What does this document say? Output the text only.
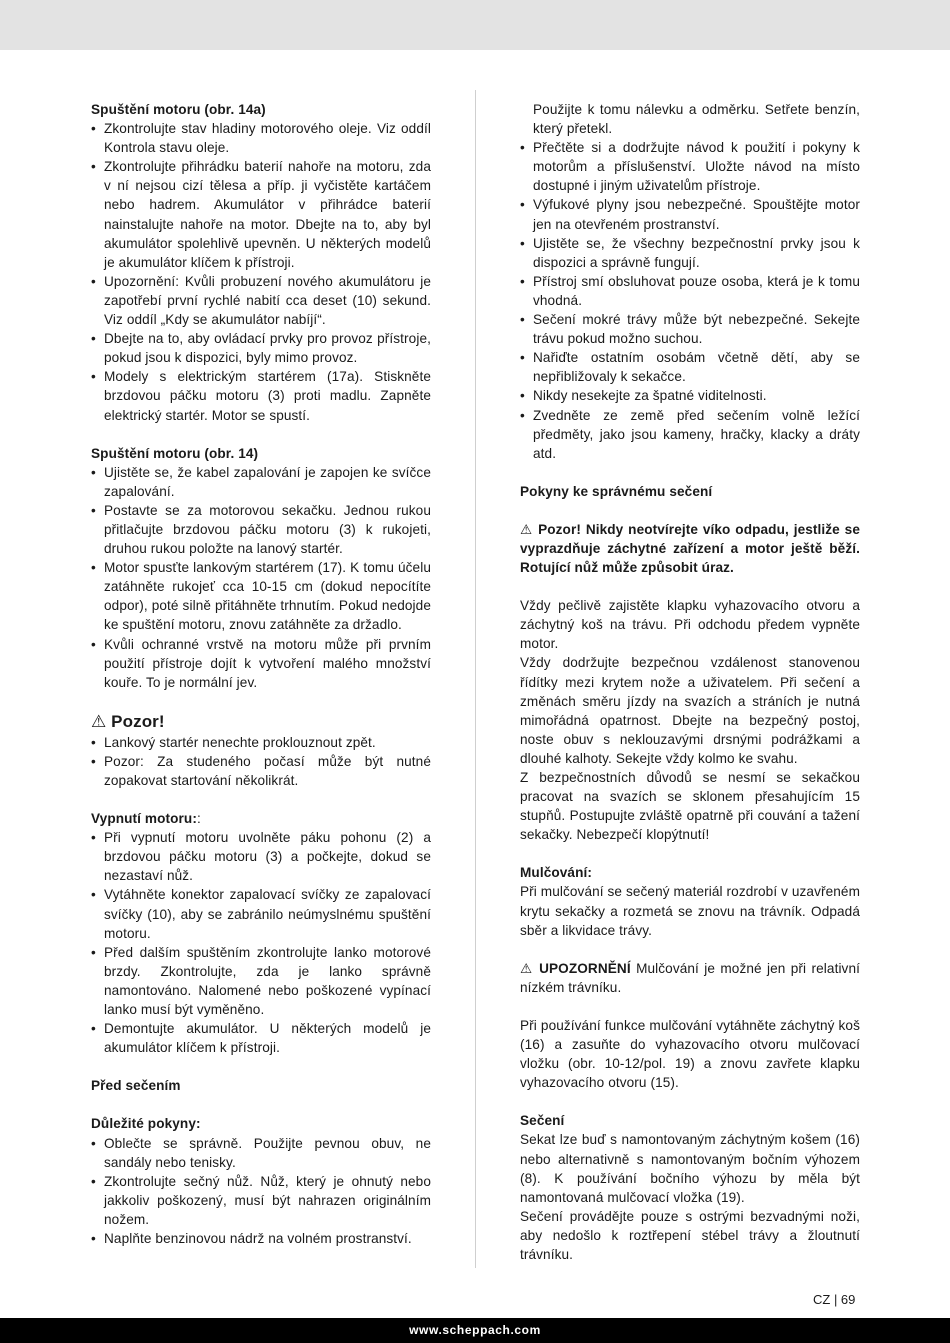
Spuštění motoru (obr. 14a)

• Zkontrolujte stav hladiny motorového oleje. Viz oddíl Kontrola stavu oleje.
• Zkontrolujte přihrádku baterií nahoře na motoru, zda v ní nejsou cizí tělesa a příp. ji vyčistěte kartáčem nebo hadrem. Akumulátor v přihrádce baterií nainstalujte nahoře na motor. Dbejte na to, aby byl akumulátor spolehlivě upevněn. U některých modelů je akumulátor klíčem k přístroji.
• Upozornění: Kvůli probuzení nového akumulátoru je zapotřebí první rychlé nabití cca deset (10) sekund. Viz oddíl „Kdy se akumulátor nabíjí“.
• Dbejte na to, aby ovládací prvky pro provoz přístroje, pokud jsou k dispozici, byly mimo provoz.
• Modely s elektrickým startérem (17a). Stiskněte brzdovou páčku motoru (3) proti madlu. Zapněte elektrický startér. Motor se spustí.

Spuštění motoru (obr. 14)

• Ujistěte se, že kabel zapalování je zapojen ke svíčce zapalování.
• Postavte se za motorovou sekačku. Jednou rukou přitlačujte brzdovou páčku motoru (3) k rukojeti, druhou rukou položte na lanový startér.
• Motor spusťte lankovým startérem (17). K tomu účelu zatáhněte rukojeť cca 10-15 cm (dokud nepocítíte odpor), poté silně přitáhněte trhnutím. Pokud nedojde ke spuštění motoru, znovu zatáhněte za držadlo.
• Kvůli ochranné vrstvě na motoru může při prvním použití přístroje dojít k vytvoření malého množství kouře. To je normální jev.

⚠ Pozor!

• Lankový startér nenechte proklouznout zpět.
• Pozor: Za studeného počasí může být nutné zopakovat startování několikrát.

Vypnutí motoru::

• Při vypnutí motoru uvolněte páku pohonu (2) a brzdovou páčku motoru (3) a počkejte, dokud se nezastaví nůž.
• Vytáhněte konektor zapalovací svíčky ze zapalovací svíčky (10), aby se zabránilo neúmyslnému spuštění motoru.
• Před dalším spuštěním zkontrolujte lanko motorové brzdy. Zkontrolujte, zda je lanko správně namontováno. Nalomené nebo poškozené vypínací lanko musí být vyměněno.
• Demontujte akumulátor. U některých modelů je akumulátor klíčem k přístroji.

Před sečením

Důležité pokyny:

• Oblečte se správně. Použijte pevnou obuv, ne sandály nebo tenisky.
• Zkontrolujte sečný nůž. Nůž, který je ohnutý nebo jakkoliv poškozený, musí být nahrazen originálním nožem.
• Naplňte benzinovou nádrž na volném prostranství.

Použijte k tomu nálevku a odměrku. Setřete benzín, který přetekl.

• Přečtěte si a dodržujte návod k použití i pokyny k motorům a příslušenství. Uložte návod na místo dostupné i jiným uživatelům přístroje.
• Výfukové plyny jsou nebezpečné. Spouštějte motor jen na otevřeném prostranství.
• Ujistěte se, že všechny bezpečnostní prvky jsou k dispozici a správně fungují.
• Přístroj smí obsluhovat pouze osoba, která je k tomu vhodná.
• Sečení mokré trávy může být nebezpečné. Sekejte trávu pokud možno suchou.
• Nařiďte ostatním osobám včetně dětí, aby se nepřibližovaly k sekačce.
• Nikdy nesekejte za špatné viditelnosti.
• Zvedněte ze země před sečením volně ležící předměty, jako jsou kameny, hračky, klacky a dráty atd.

Pokyny ke správnému sečení

⚠ Pozor! Nikdy neotvírejte víko odpadu, jestliže se vyprazdňuje záchytné zařízení a motor ještě běží. Rotující nůž může způsobit úraz.

Vždy pečlivě zajistěte klapku vyhazovacího otvoru a záchytný koš na trávu. Při odchodu předem vypněte motor.

Vždy dodržujte bezpečnou vzdálenost stanovenou řídítky mezi krytem nože a uživatelem. Při sečení a změnách směru jízdy na svazích a stráních je nutná mimořádná opatrnost. Dbejte na bezpečný postoj, noste obuv s neklouzavými drsnými podrážkami a dlouhé kalhoty. Sekejte vždy kolmo ke svahu.

Z bezpečnostních důvodů se nesmí se sekačkou pracovat na svazích se sklonem přesahujícím 15 stupňů. Postupujte zvláště opatrně při couvání a tažení sekačky. Nebezpečí klopýtnutí!

Mulčování:

Při mulčování se sečený materiál rozdrobí v uzavřeném krytu sekačky a rozmetá se znovu na trávník. Odpadá sběr a likvidace trávy.

⚠ UPOZORNĚNÍ Mulčování je možné jen při relativní nízkém trávníku.

Při používání funkce mulčování vytáhněte záchytný koš (16) a zasuňte do vyhazovacího otvoru mulčovací vložku (obr. 10-12/pol. 19) a znovu zavřete klapku vyhazovacího otvoru (15).

Sečení

Sekat lze buď s namontovaným záchytným košem (16) nebo alternativně s namontovaným bočním výhozem (8). K používání bočního výhozu by měla být namontovaná mulčovací vložka (19).

Sečení provádějte pouze s ostrými bezvadnými noži, aby nedošlo k roztřepení stébel trávy a žloutnutí trávníku.

CZ | 69
www.scheppach.com
